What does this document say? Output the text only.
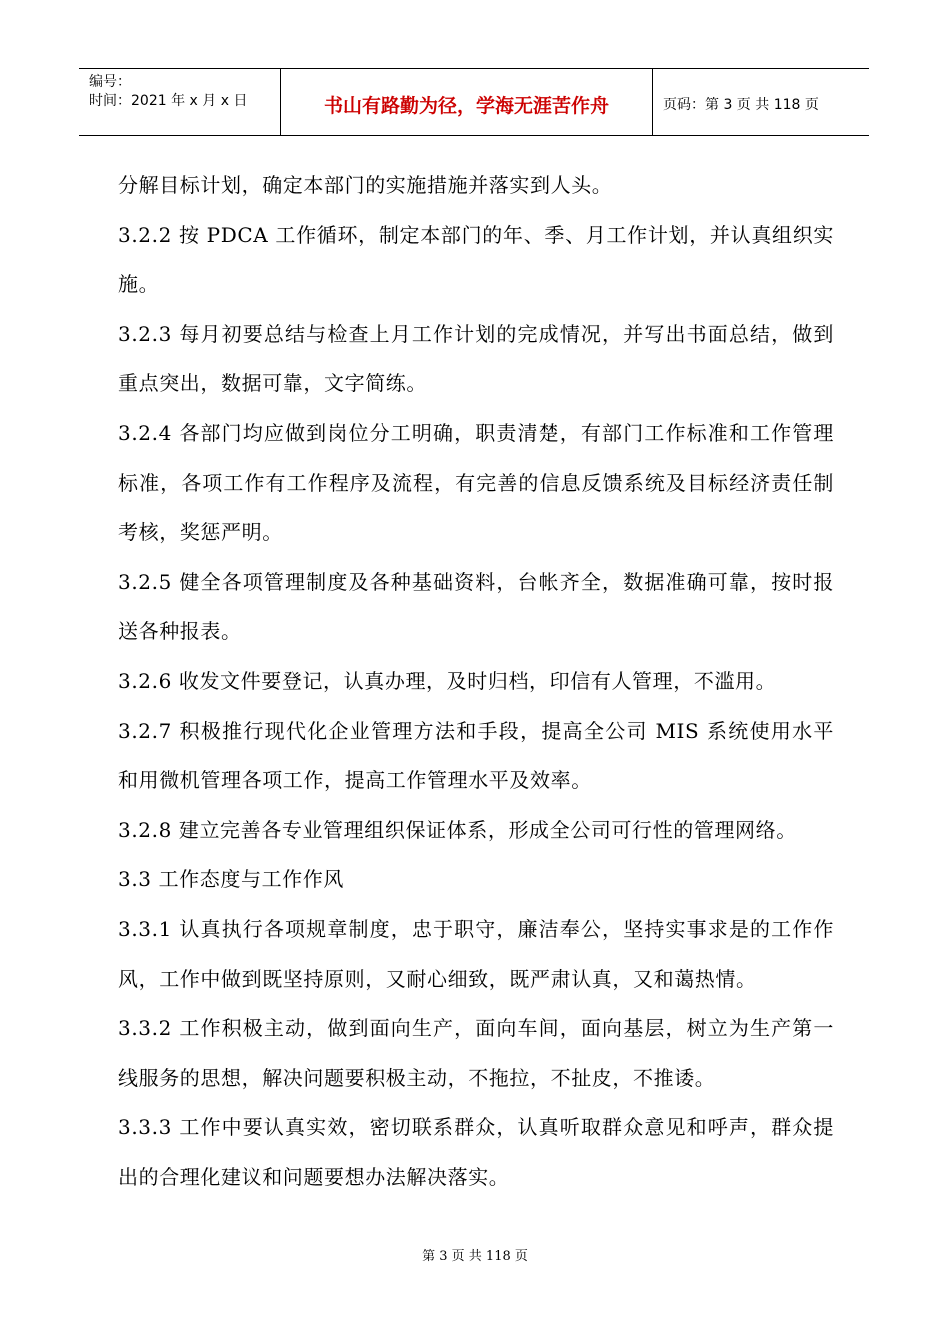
编号：
时间：2021 年 x 月 x 日	书山有路勤为径，学海无涯苦作舟	页码：第 3 页 共 118 页

分解目标计划，确定本部门的实施措施并落实到人头。

3.2.2 按 PDCA 工作循环，制定本部门的年、季、月工作计划，并认真组织实施。

3.2.3 每月初要总结与检查上月工作计划的完成情况，并写出书面总结，做到重点突出，数据可靠，文字简练。

3.2.4 各部门均应做到岗位分工明确，职责清楚，有部门工作标准和工作管理标准，各项工作有工作程序及流程，有完善的信息反馈系统及目标经济责任制考核，奖惩严明。

3.2.5 健全各项管理制度及各种基础资料，台帐齐全，数据准确可靠，按时报送各种报表。

3.2.6 收发文件要登记，认真办理，及时归档，印信有人管理，不滥用。

3.2.7 积极推行现代化企业管理方法和手段，提高全公司 MIS 系统使用水平和用微机管理各项工作，提高工作管理水平及效率。

3.2.8 建立完善各专业管理组织保证体系，形成全公司可行性的管理网络。

3.3 工作态度与工作作风

3.3.1 认真执行各项规章制度，忠于职守，廉洁奉公，坚持实事求是的工作作风，工作中做到既坚持原则，又耐心细致，既严肃认真，又和蔼热情。

3.3.2 工作积极主动，做到面向生产，面向车间，面向基层，树立为生产第一线服务的思想，解决问题要积极主动，不拖拉，不扯皮，不推诿。

3.3.3 工作中要认真实效，密切联系群众，认真听取群众意见和呼声，群众提出的合理化建议和问题要想办法解决落实。

第 3 页 共 118 页
